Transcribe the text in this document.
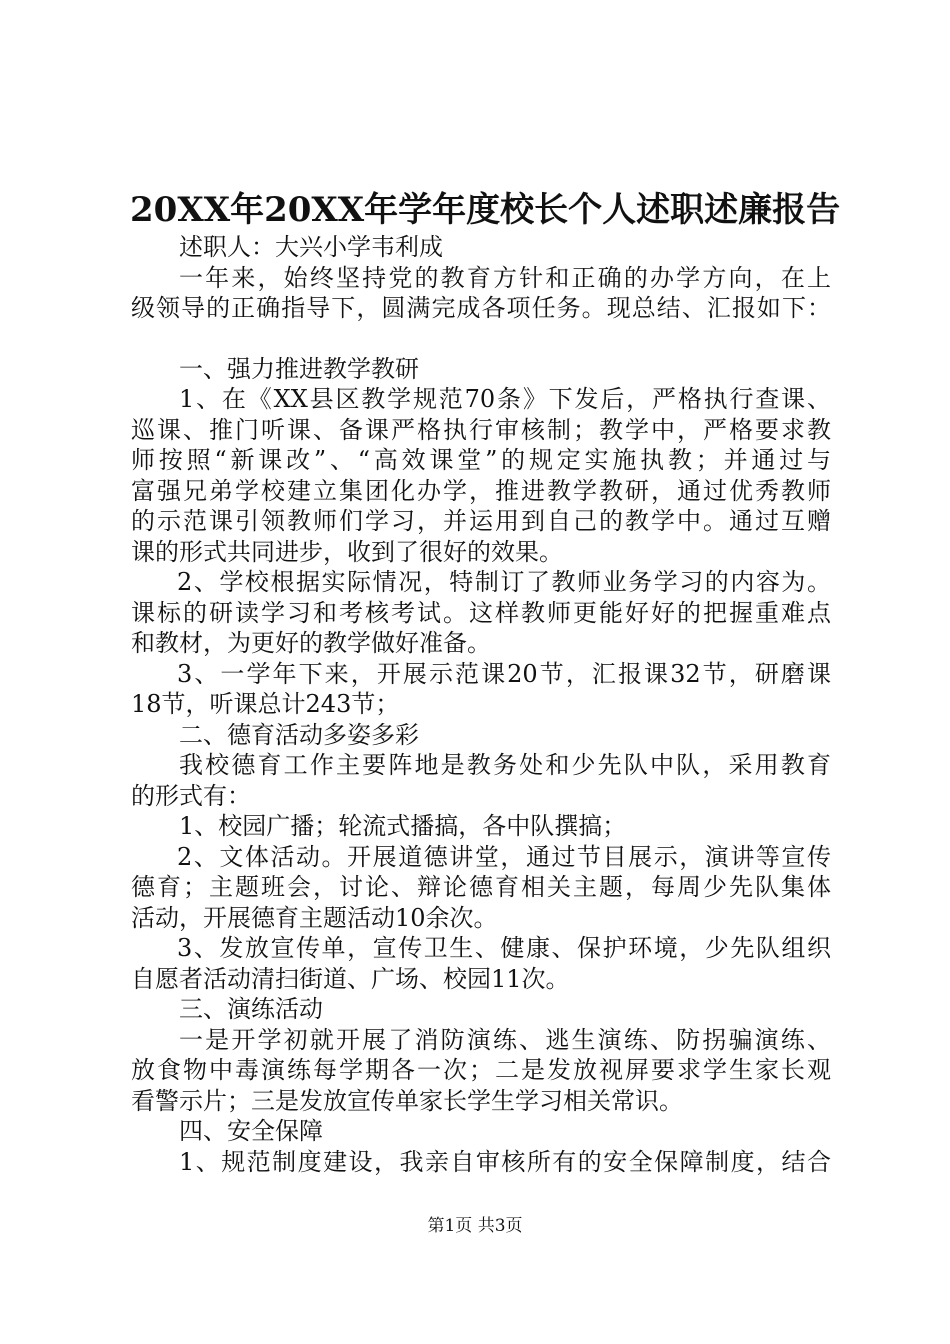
20XX年20XX年学年度校长个人述职述廉报告
述职人：大兴小学韦利成
一年来，始终坚持党的教育方针和正确的办学方向，在上
级领导的正确指导下，圆满完成各项任务。现总结、汇报如下：
一、强力推进教学教研
1、在《XX县区教学规范70条》下发后，严格执行查课、
巡课、推门听课、备课严格执行审核制；教学中，严格要求教
师按照“新课改”、“高效课堂”的规定实施执教；并通过与
富强兄弟学校建立集团化办学，推进教学教研，通过优秀教师
的示范课引领教师们学习，并运用到自己的教学中。通过互赠
课的形式共同进步，收到了很好的效果。
2、学校根据实际情况，特制订了教师业务学习的内容为。
课标的研读学习和考核考试。这样教师更能好好的把握重难点
和教材，为更好的教学做好准备。
3、一学年下来，开展示范课20节，汇报课32节，研磨课
18节，听课总计243节；
二、德育活动多姿多彩
我校德育工作主要阵地是教务处和少先队中队，采用教育
的形式有：
1、校园广播；轮流式播搞，各中队撰搞；
2、文体活动。开展道德讲堂，通过节目展示，演讲等宣传
德育；主题班会，讨论、辩论德育相关主题，每周少先队集体
活动，开展德育主题活动10余次。
3、发放宣传单，宣传卫生、健康、保护环境，少先队组织
自愿者活动清扫街道、广场、校园11次。
三、演练活动
一是开学初就开展了消防演练、逃生演练、防拐骗演练、
放食物中毒演练每学期各一次；二是发放视屏要求学生家长观
看警示片；三是发放宣传单家长学生学习相关常识。
四、安全保障
1、规范制度建设，我亲自审核所有的安全保障制度，结合
第1页 共3页
